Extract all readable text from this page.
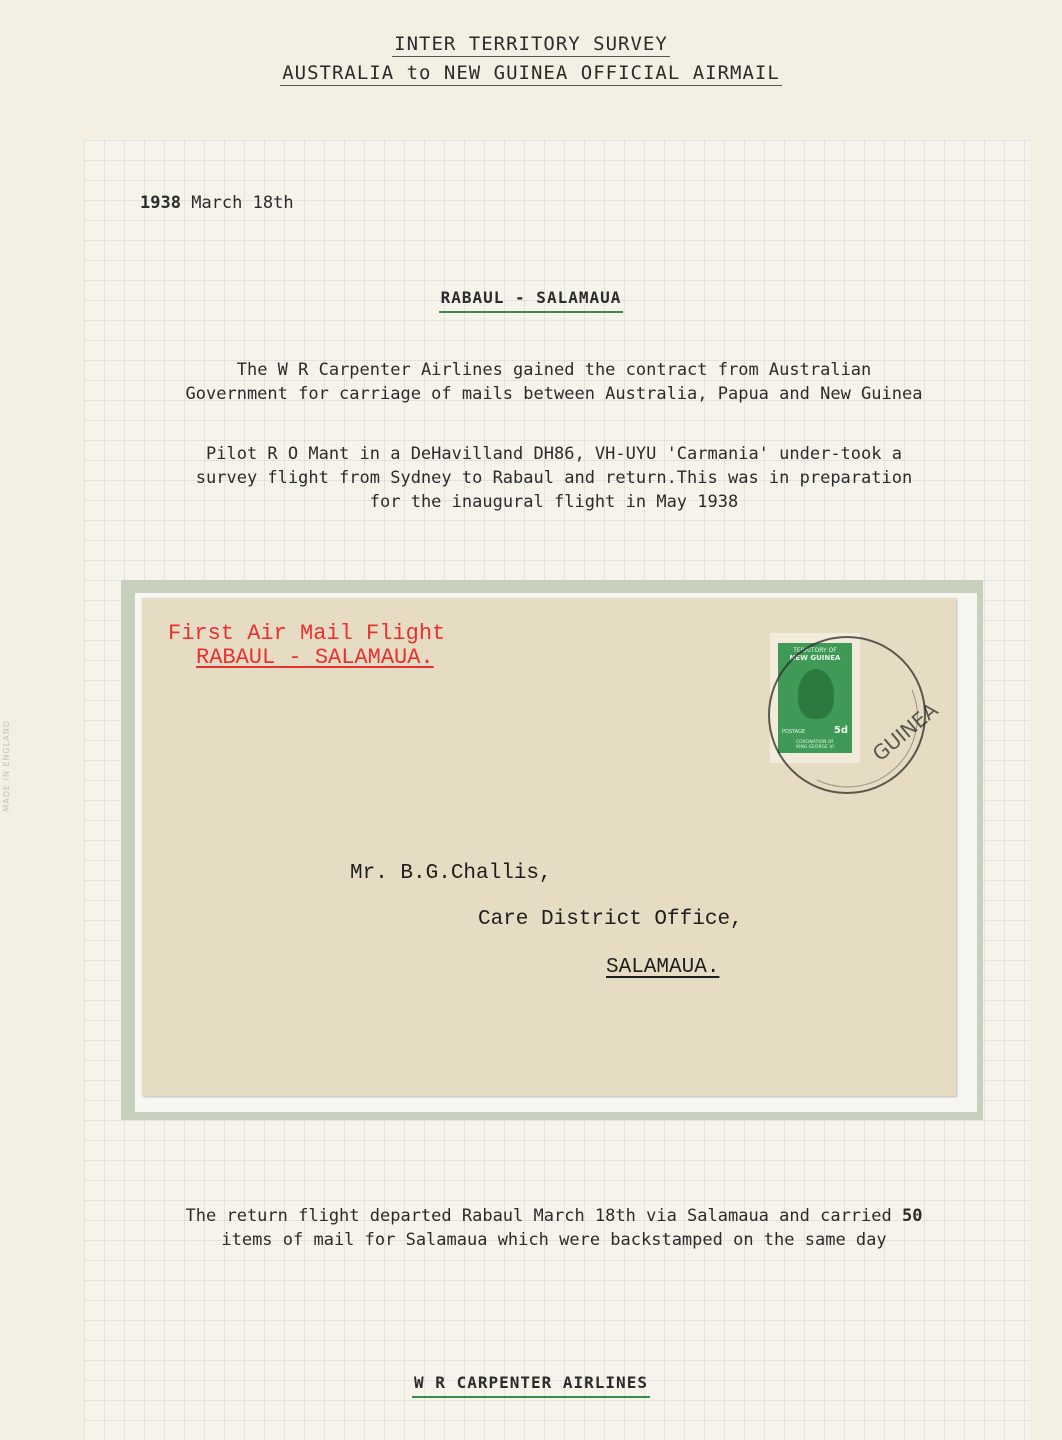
MADE IN ENGLAND
INTER TERRITORY SURVEY
AUSTRALIA to NEW GUINEA OFFICIAL AIRMAIL
1938 March 18th
RABAUL - SALAMAUA
The W R Carpenter Airlines gained the contract from Australian Government for carriage of mails between Australia, Papua and New Guinea
Pilot R O Mant in a DeHavilland DH86, VH-UYU 'Carmania' under-took a survey flight from Sydney to Rabaul and return.This was in preparation for the inaugural flight in May 1938
First Air Mail Flight
RABAUL - SALAMAUA.	TERRITORY OF
NEW GUINEA
POSTAGE	5d
CORONATION OF
KING GEORGE VI	GUINEA
Mr. B.G.Challis,
Care District Office,
SALAMAUA.
The return flight departed Rabaul March 18th via Salamaua and carried 50 items of mail for Salamaua which were backstamped on the same day
W R CARPENTER AIRLINES
